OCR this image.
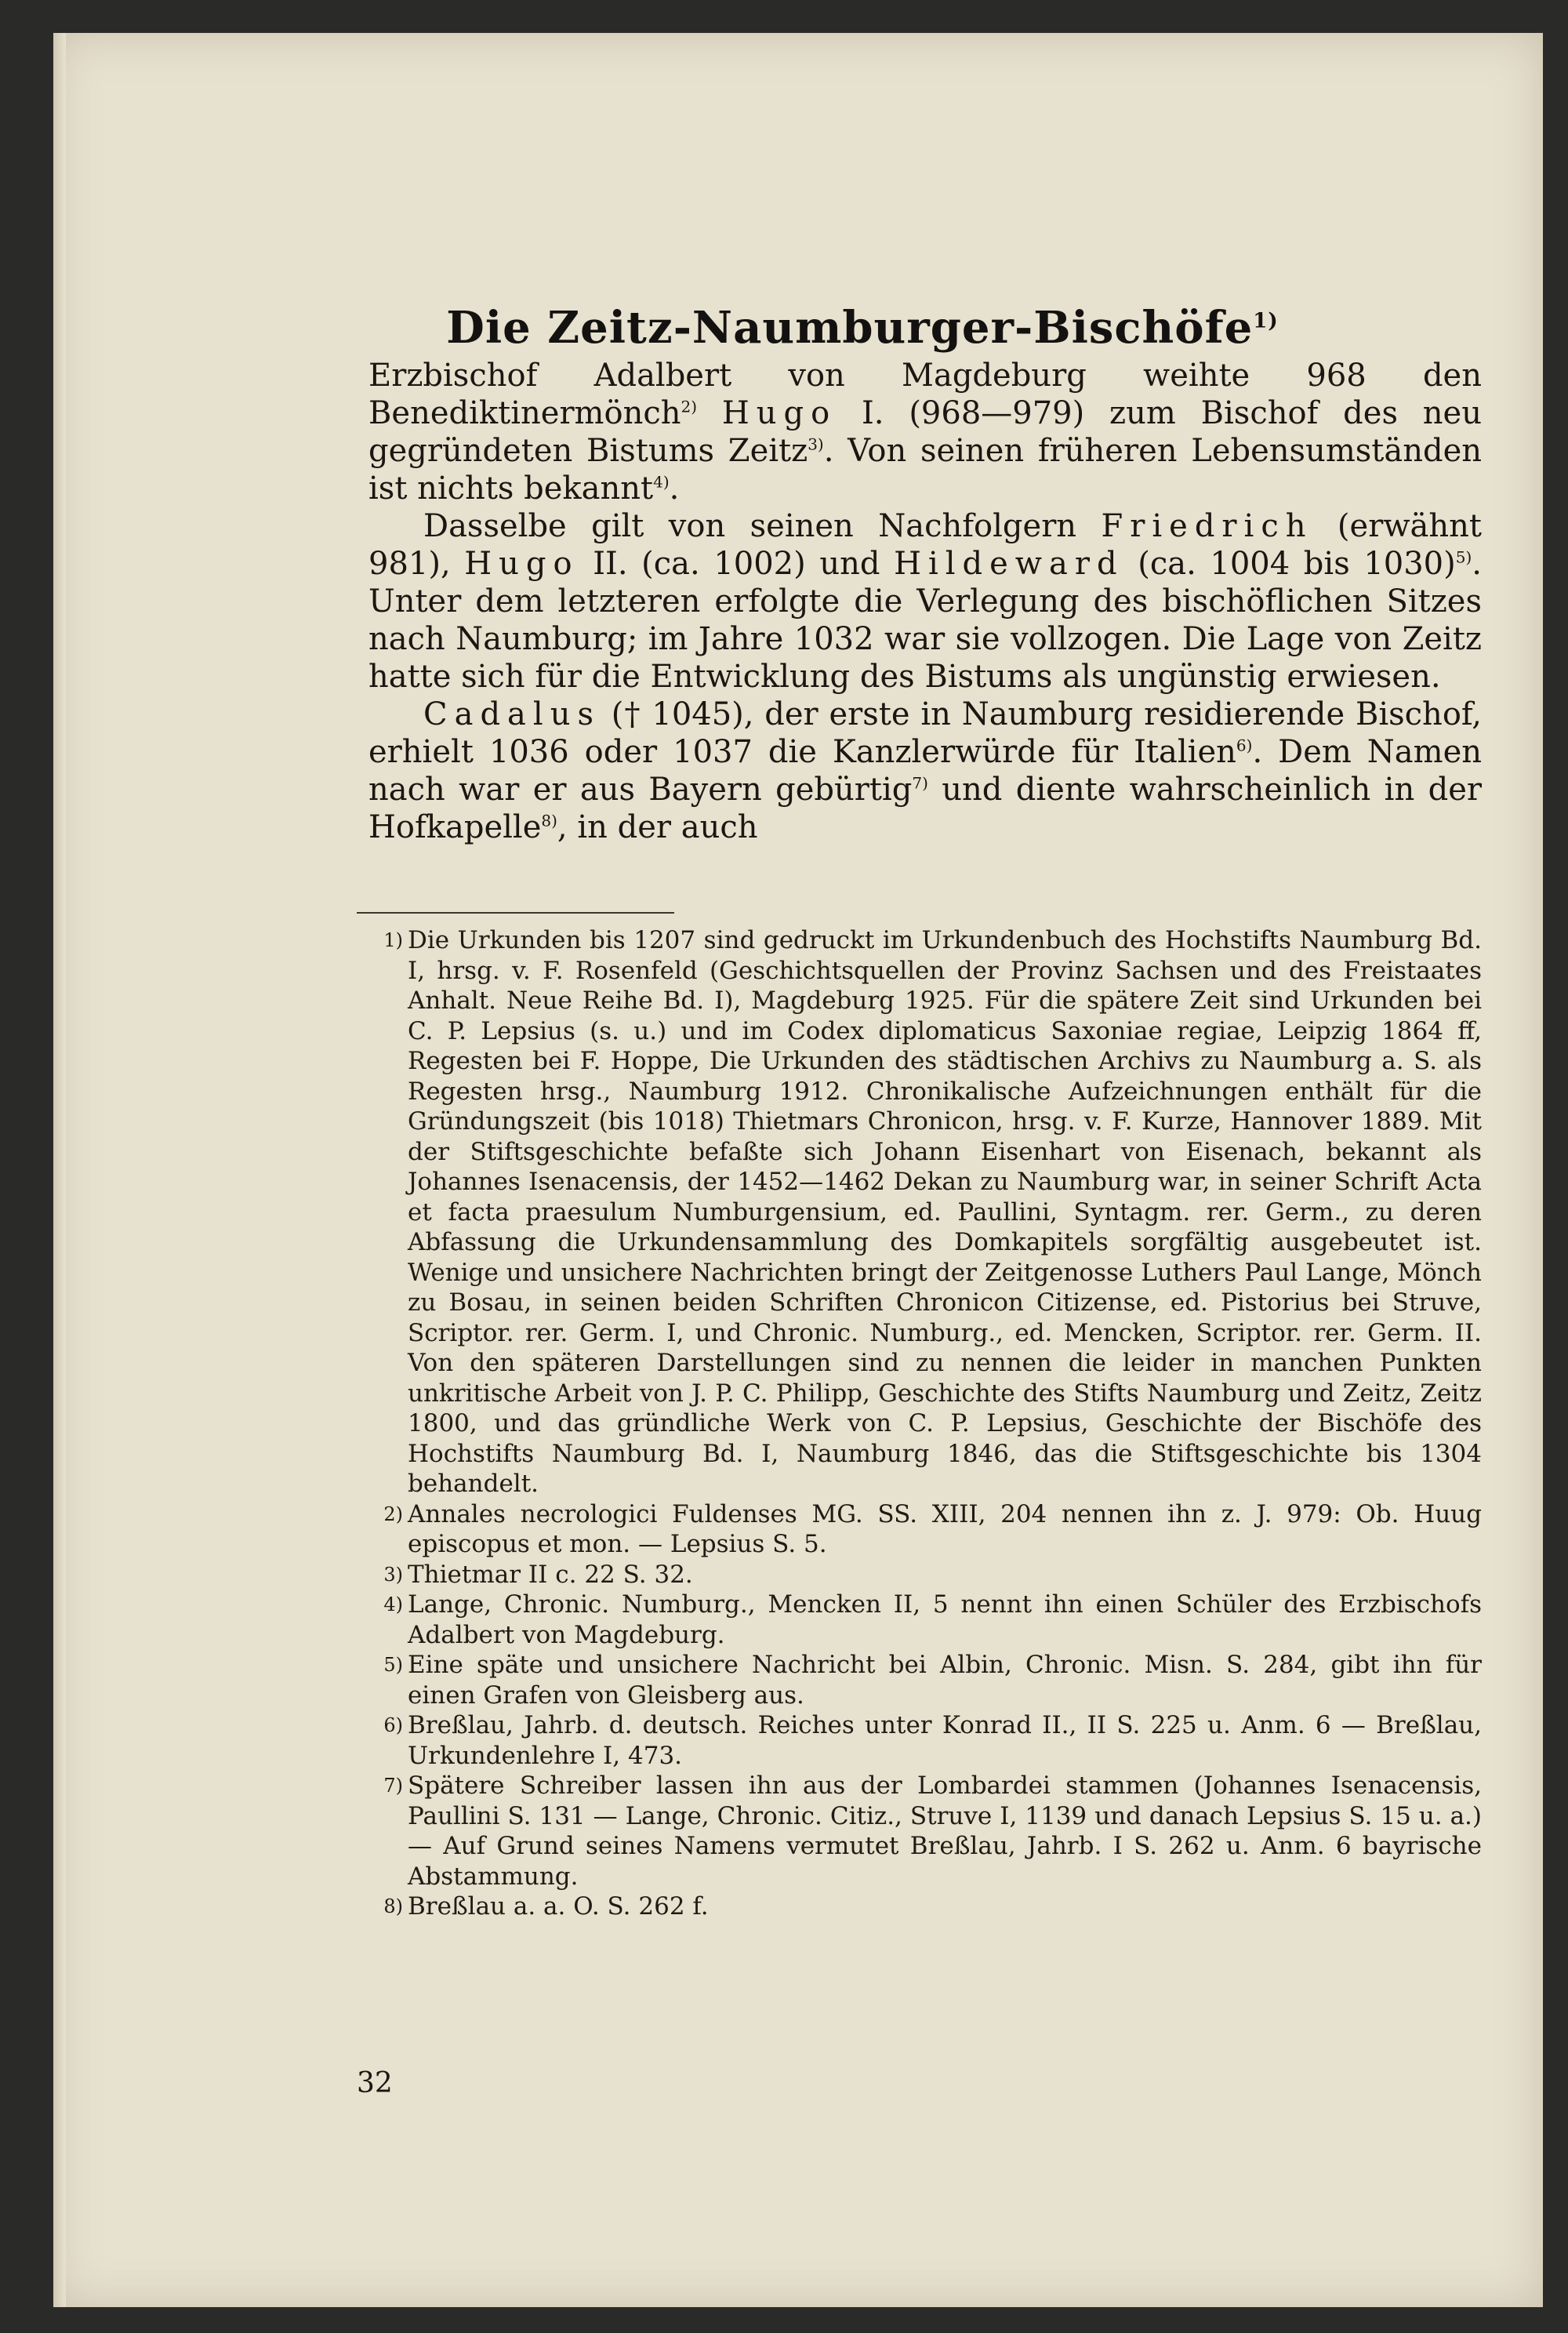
Die Zeitz-Naumburger-Bischöfe$^{1)}$

Erzbischof Adalbert von Magdeburg weihte 968 den Benediktinermönch$^{2)}$ Hugo I. (968—979) zum Bischof des neu gegründeten Bistums Zeitz$^{3)}$. Von seinen früheren Lebensumständen ist nichts bekannt$^{4)}$.

Dasselbe gilt von seinen Nachfolgern Friedrich (erwähnt 981), Hugo II. (ca. 1002) und Hildeward (ca. 1004 bis 1030)$^{5)}$. Unter dem letzteren erfolgte die Verlegung des bischöflichen Sitzes nach Naumburg; im Jahre 1032 war sie vollzogen. Die Lage von Zeitz hatte sich für die Entwicklung des Bistums als ungünstig erwiesen.

Cadalus († 1045), der erste in Naumburg residierende Bischof, erhielt 1036 oder 1037 die Kanzlerwürde für Italien$^{6)}$. Dem Namen nach war er aus Bayern gebürtig$^{7)}$ und diente wahrscheinlich in der Hofkapelle$^{8)}$, in der auch

1) Die Urkunden bis 1207 sind gedruckt im Urkundenbuch des Hochstifts Naumburg Bd. I, hrsg. v. F. Rosenfeld (Geschichtsquellen der Provinz Sachsen und des Freistaates Anhalt. Neue Reihe Bd. I), Magdeburg 1925. Für die spätere Zeit sind Urkunden bei C. P. Lepsius (s. u.) und im Codex diplomaticus Saxoniae regiae, Leipzig 1864 ff, Regesten bei F. Hoppe, Die Urkunden des städtischen Archivs zu Naumburg a. S. als Regesten hrsg., Naumburg 1912. Chronikalische Aufzeichnungen enthält für die Gründungszeit (bis 1018) Thietmars Chronicon, hrsg. v. F. Kurze, Hannover 1889. Mit der Stiftsgeschichte befaßte sich Johann Eisenhart von Eisenach, bekannt als Johannes Isenacensis, der 1452—1462 Dekan zu Naumburg war, in seiner Schrift Acta et facta praesulum Numburgensium, ed. Paullini, Syntagm. rer. Germ., zu deren Abfassung die Urkundensammlung des Domkapitels sorgfältig ausgebeutet ist. Wenige und unsichere Nachrichten bringt der Zeitgenosse Luthers Paul Lange, Mönch zu Bosau, in seinen beiden Schriften Chronicon Citizense, ed. Pistorius bei Struve, Scriptor. rer. Germ. I, und Chronic. Numburg., ed. Mencken, Scriptor. rer. Germ. II. Von den späteren Darstellungen sind zu nennen die leider in manchen Punkten unkritische Arbeit von J. P. C. Philipp, Geschichte des Stifts Naumburg und Zeitz, Zeitz 1800, und das gründliche Werk von C. P. Lepsius, Geschichte der Bischöfe des Hochstifts Naumburg Bd. I, Naumburg 1846, das die Stiftsgeschichte bis 1304 behandelt.

2) Annales necrologici Fuldenses MG. SS. XIII, 204 nennen ihn z. J. 979: Ob. Huug episcopus et mon. — Lepsius S. 5.

3) Thietmar II c. 22 S. 32.

4) Lange, Chronic. Numburg., Mencken II, 5 nennt ihn einen Schüler des Erzbischofs Adalbert von Magdeburg.

5) Eine späte und unsichere Nachricht bei Albin, Chronic. Misn. S. 284, gibt ihn für einen Grafen von Gleisberg aus.

6) Breßlau, Jahrb. d. deutsch. Reiches unter Konrad II., II S. 225 u. Anm. 6 — Breßlau, Urkundenlehre I, 473.

7) Spätere Schreiber lassen ihn aus der Lombardei stammen (Johannes Isenacensis, Paullini S. 131 — Lange, Chronic. Citiz., Struve I, 1139 und danach Lepsius S. 15 u. a.) — Auf Grund seines Namens vermutet Breßlau, Jahrb. I S. 262 u. Anm. 6 bayrische Abstammung.

8) Breßlau a. a. O. S. 262 f.

32
